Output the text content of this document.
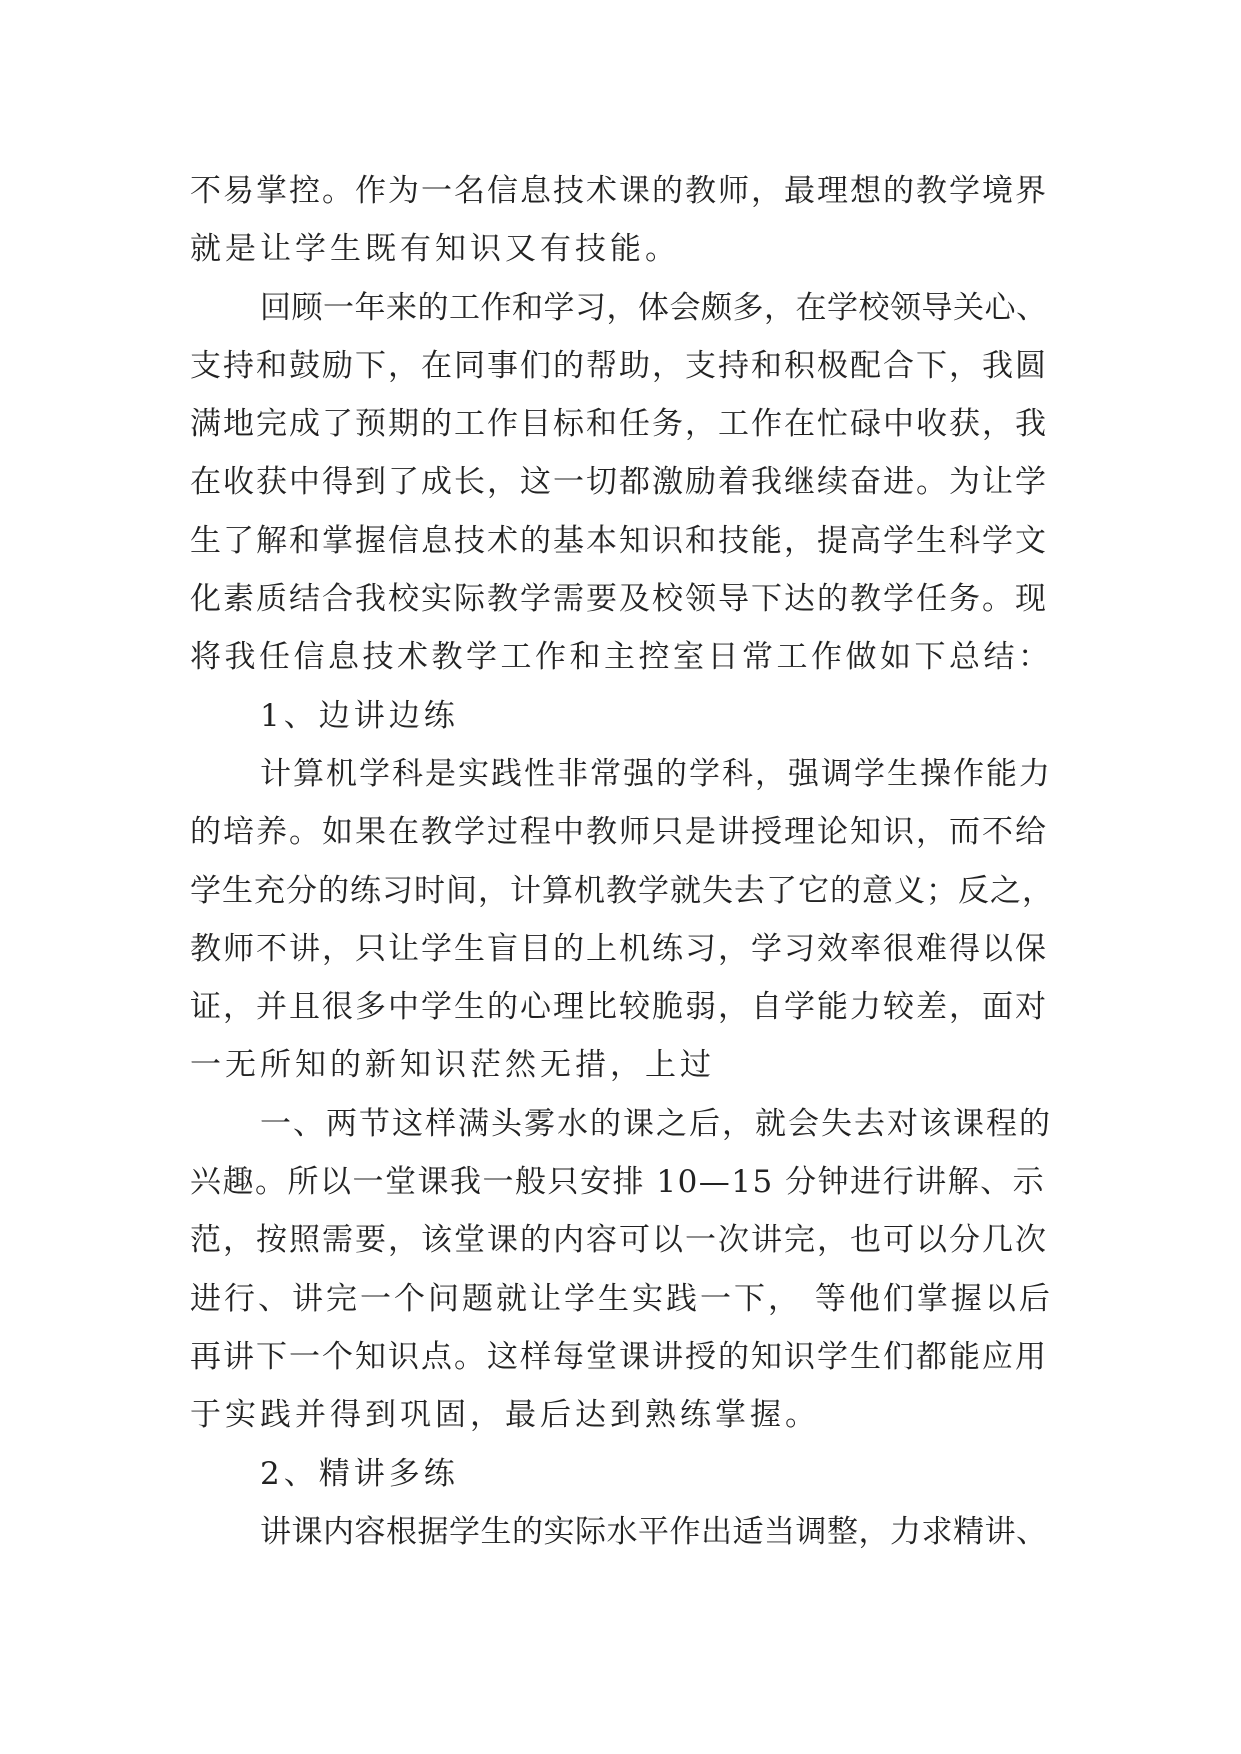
不易掌控。作为一名信息技术课的教师，最理想的教学境界
就是让学生既有知识又有技能。
回顾一年来的工作和学习，体会颇多，在学校领导关心、
支持和鼓励下，在同事们的帮助，支持和积极配合下，我圆
满地完成了预期的工作目标和任务，工作在忙碌中收获，我
在收获中得到了成长，这一切都激励着我继续奋进。为让学
生了解和掌握信息技术的基本知识和技能，提高学生科学文
化素质结合我校实际教学需要及校领导下达的教学任务。现
将我任信息技术教学工作和主控室日常工作做如下总结：
1、边讲边练
计算机学科是实践性非常强的学科，强调学生操作能力
的培养。如果在教学过程中教师只是讲授理论知识，而不给
学生充分的练习时间，计算机教学就失去了它的意义；反之，
教师不讲，只让学生盲目的上机练习，学习效率很难得以保
证，并且很多中学生的心理比较脆弱，自学能力较差，面对
一无所知的新知识茫然无措，上过
一、两节这样满头雾水的课之后，就会失去对该课程的
兴趣。所以一堂课我一般只安排 10—15 分钟进行讲解、示
范，按照需要，该堂课的内容可以一次讲完，也可以分几次
进行、讲完一个问题就让学生实践一下， 等他们掌握以后
再讲下一个知识点。这样每堂课讲授的知识学生们都能应用
于实践并得到巩固，最后达到熟练掌握。
2、精讲多练
讲课内容根据学生的实际水平作出适当调整，力求精讲、
